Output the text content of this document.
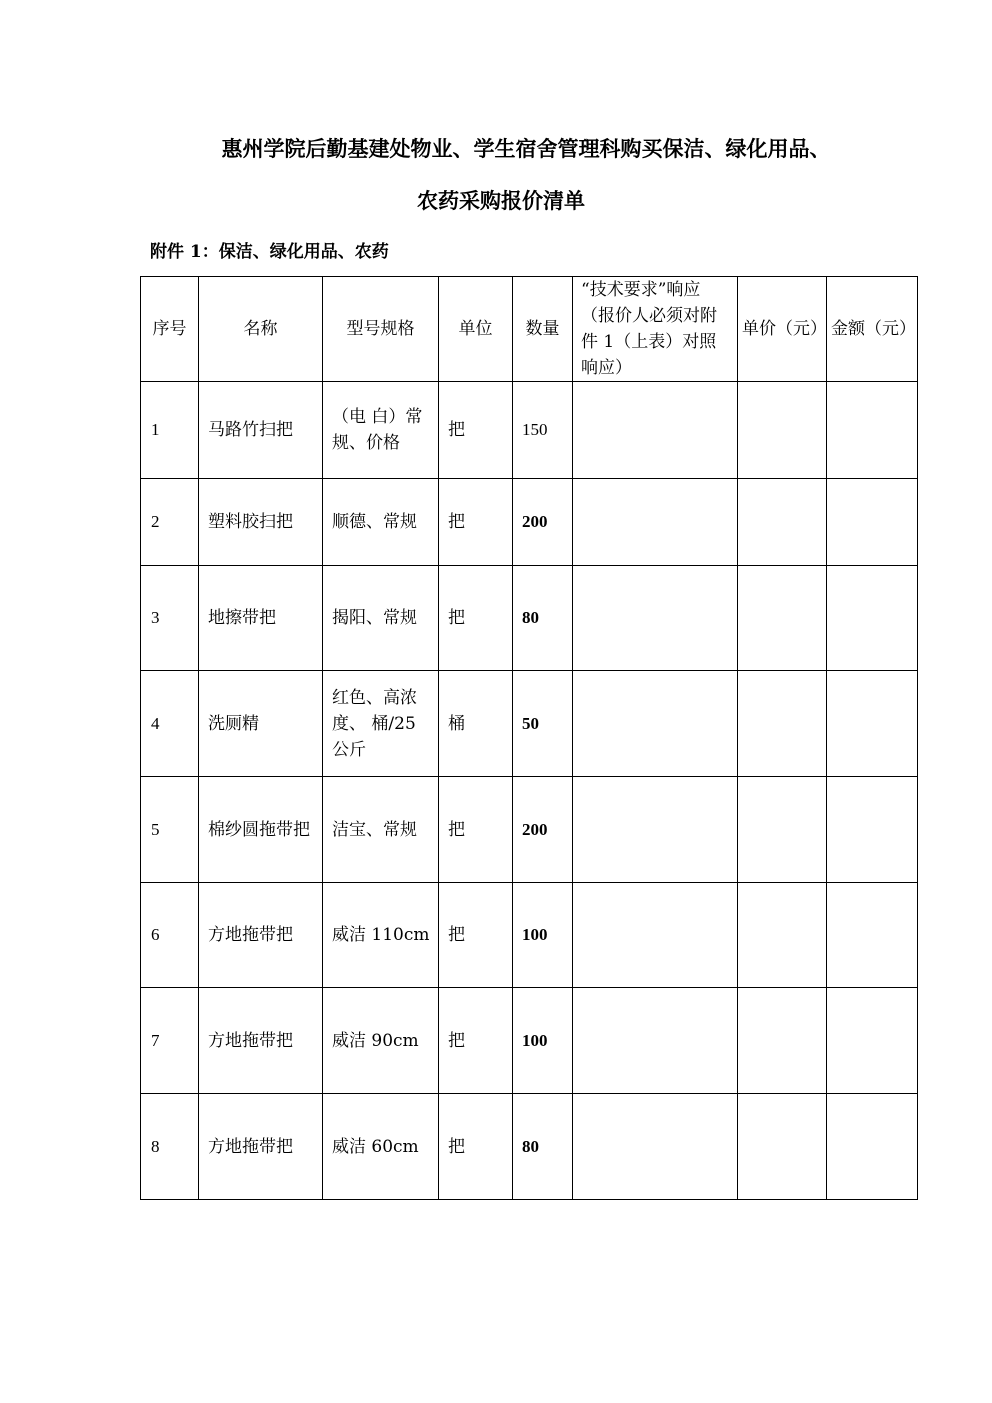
惠州学院后勤基建处物业、学生宿舍管理科购买保洁、绿化用品、
农药采购报价清单
附件 1：保洁、绿化用品、农药
序号	名称	型号规格	单位	数量	“技术要求”响应（报价人必须对附件 1（上表）对照响应）	单价（元）	金额（元）
1	马路竹扫把	（电 白）常规、价格	把	150			
2	塑料胶扫把	顺德、常规	把	200			
3	地擦带把	揭阳、常规	把	80			
4	洗厕精	红色、高浓度、 桶/25 公斤	桶	50			
5	棉纱圆拖带把	洁宝、常规	把	200			
6	方地拖带把	威洁 110cm	把	100			
7	方地拖带把	威洁 90cm	把	100			
8	方地拖带把	威洁 60cm	把	80			
